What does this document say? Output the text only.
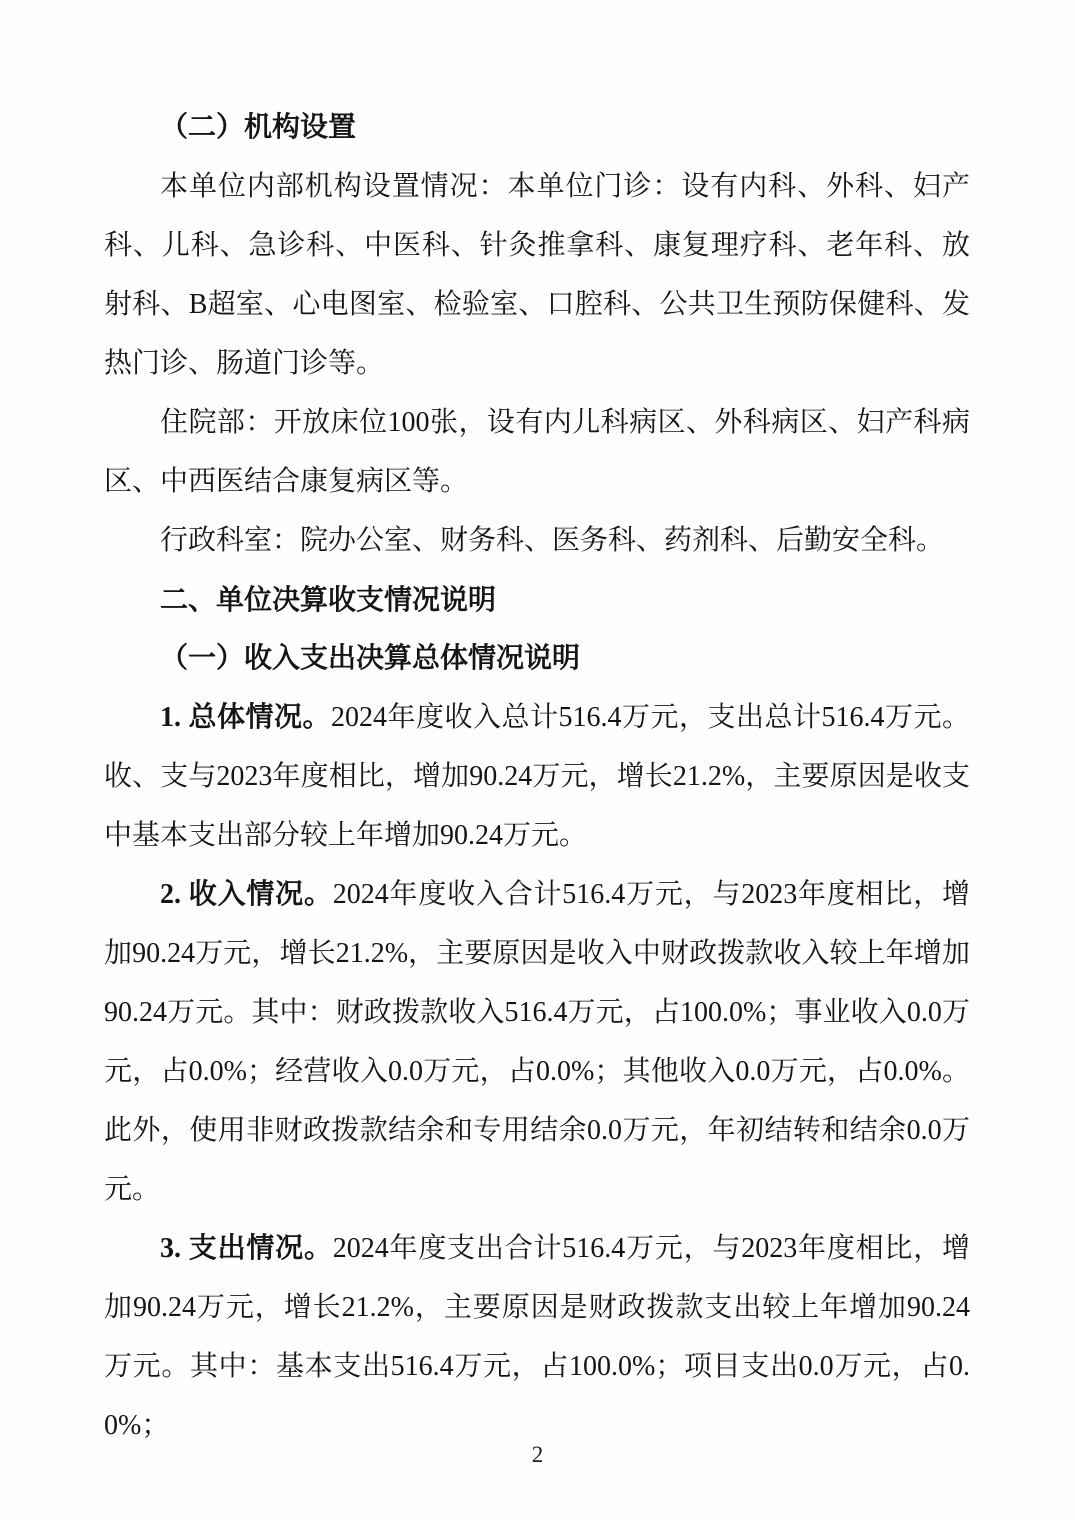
（二）机构设置

本单位内部机构设置情况：本单位门诊：设有内科、外科、妇产科、儿科、急诊科、中医科、针灸推拿科、康复理疗科、老年科、放射科、B超室、心电图室、检验室、口腔科、公共卫生预防保健科、发热门诊、肠道门诊等。

住院部：开放床位100张，设有内儿科病区、外科病区、妇产科病区、中西医结合康复病区等。

行政科室：院办公室、财务科、医务科、药剂科、后勤安全科。

二、单位决算收支情况说明

（一）收入支出决算总体情况说明

1. 总体情况。2024年度收入总计516.4万元，支出总计516.4万元。收、支与2023年度相比，增加90.24万元，增长21.2%，主要原因是收支中基本支出部分较上年增加90.24万元。

2. 收入情况。2024年度收入合计516.4万元，与2023年度相比，增加90.24万元，增长21.2%，主要原因是收入中财政拨款收入较上年增加90.24万元。其中：财政拨款收入516.4万元，占100.0%；事业收入0.0万元，占0.0%；经营收入0.0万元，占0.0%；其他收入0.0万元，占0.0%。此外，使用非财政拨款结余和专用结余0.0万元，年初结转和结余0.0万元。

3. 支出情况。2024年度支出合计516.4万元，与2023年度相比，增加90.24万元，增长21.2%，主要原因是财政拨款支出较上年增加90.24万元。其中：基本支出516.4万元，占100.0%；项目支出0.0万元，占0.0%；

2
